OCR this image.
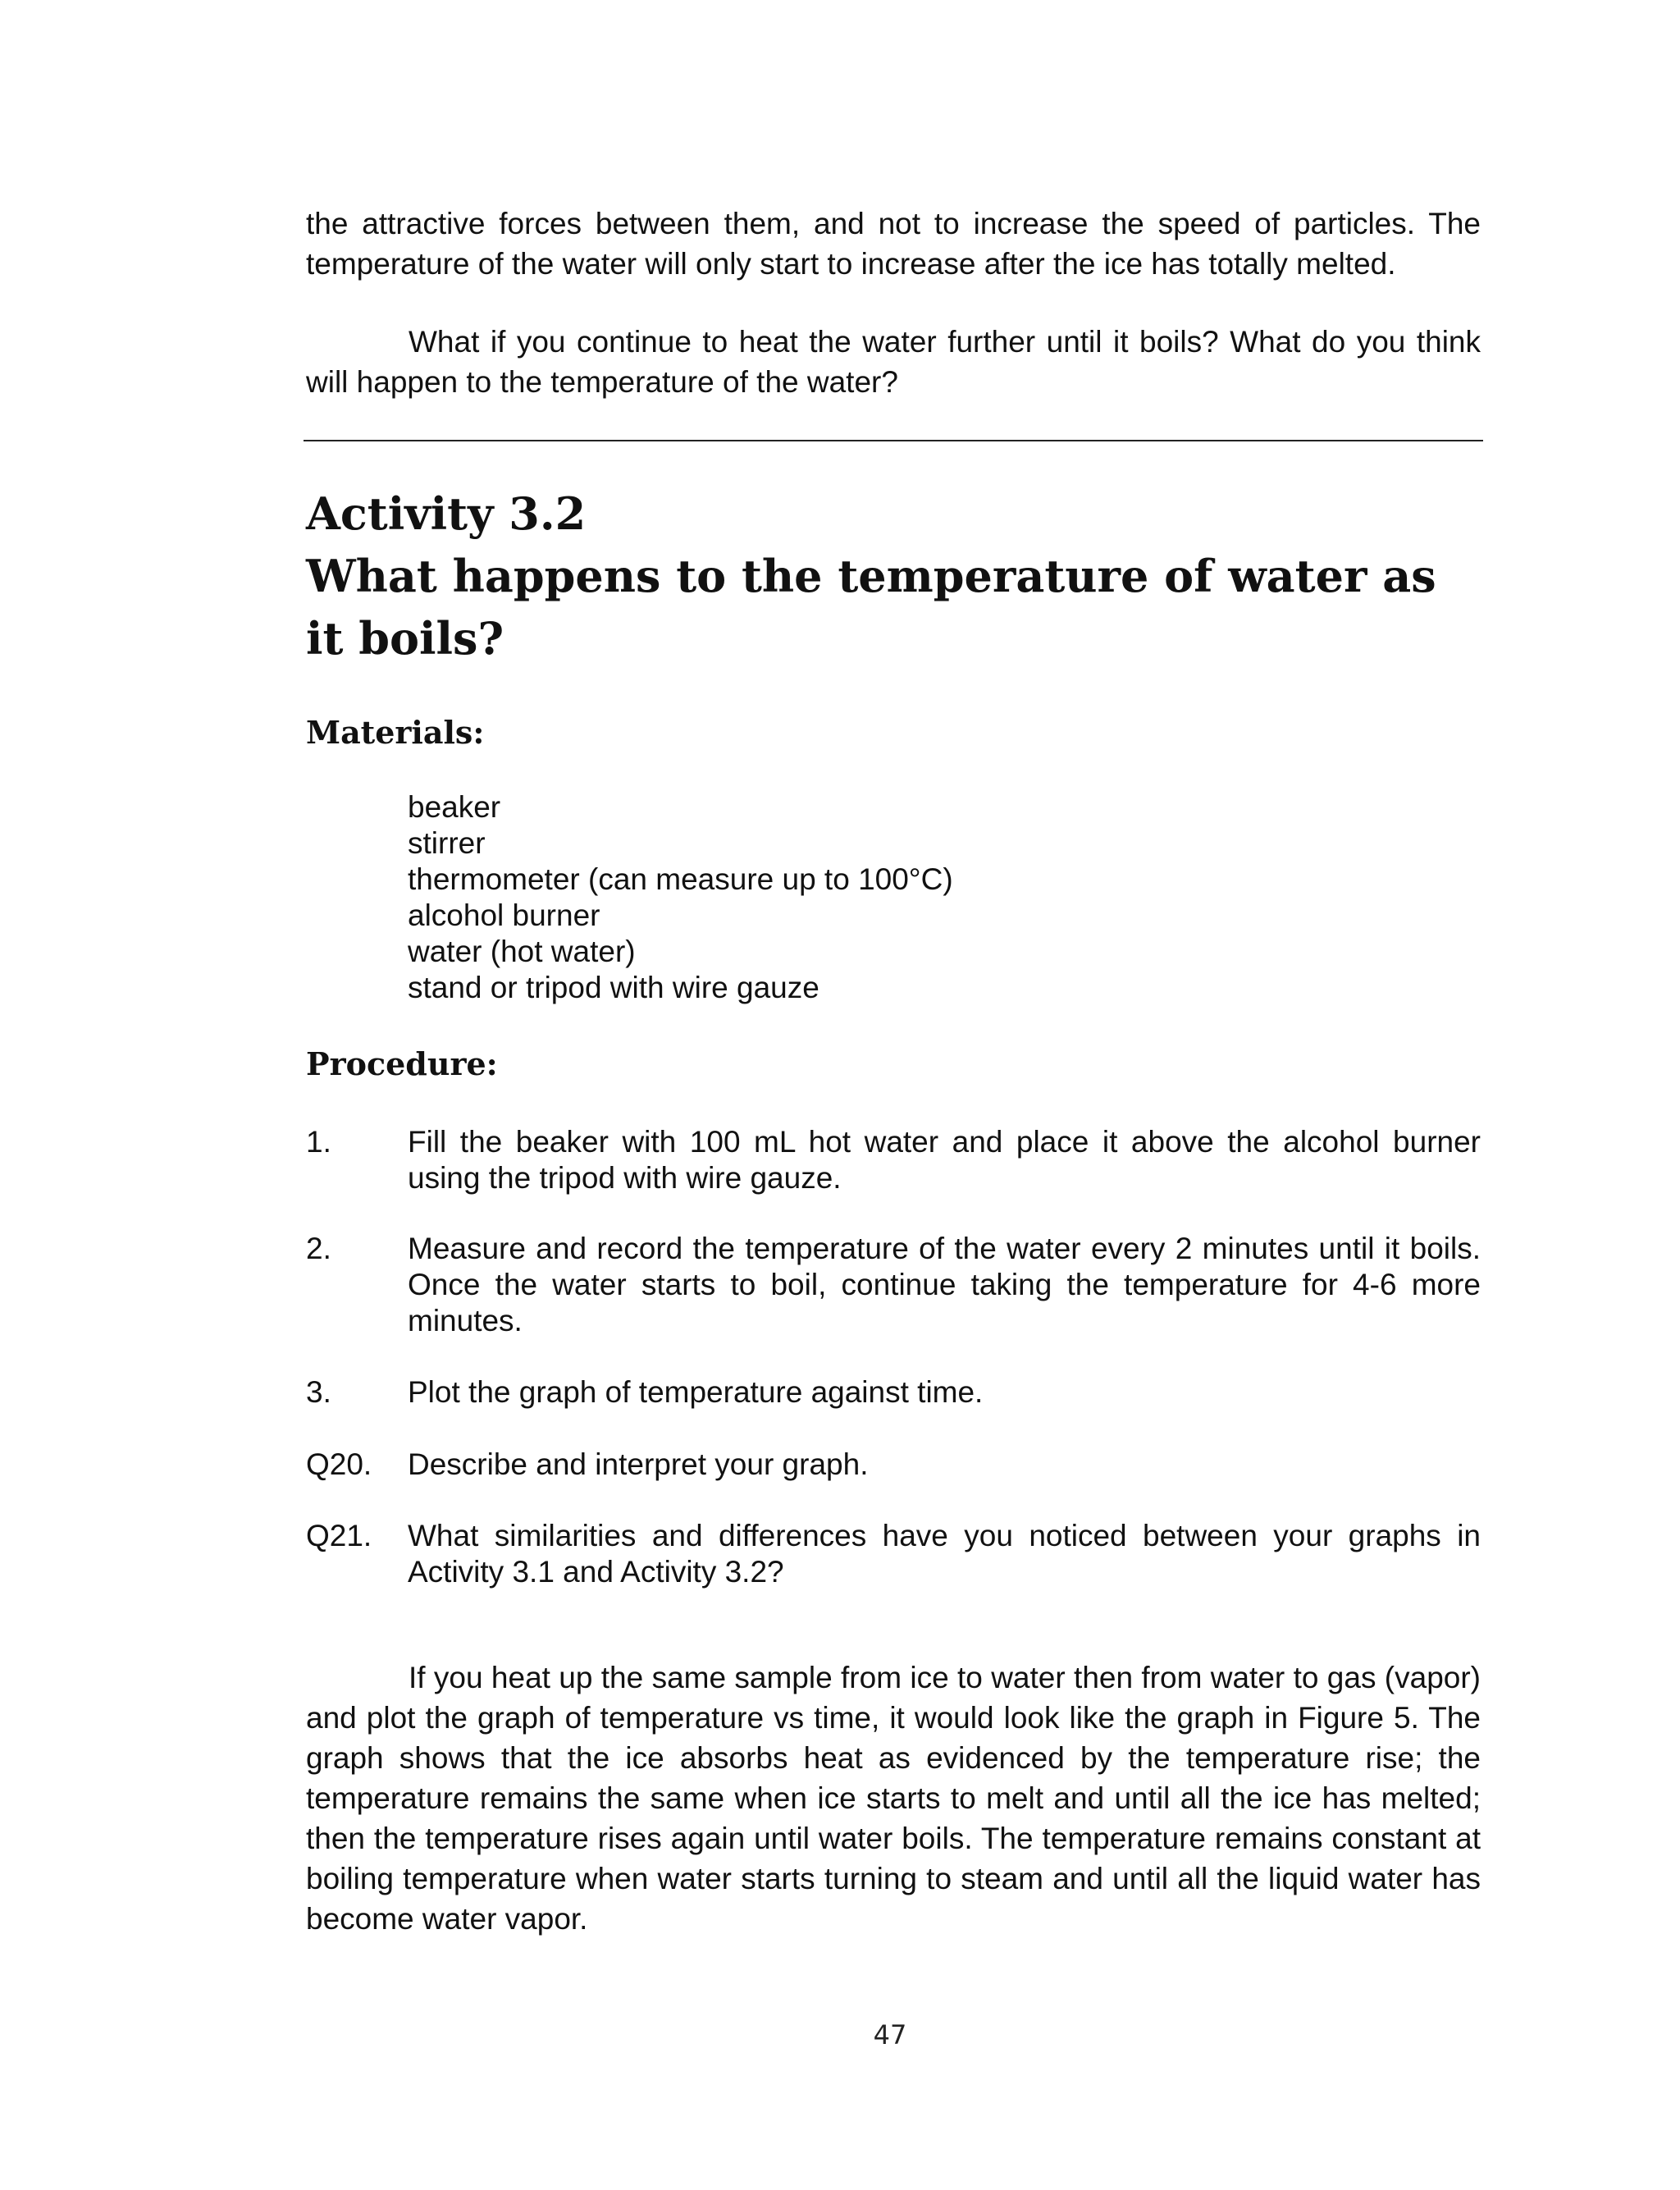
the attractive forces between them, and not to increase the speed of particles. The temperature of the water will only start to increase after the ice has totally melted.

What if you continue to heat the water further until it boils? What do you think will happen to the temperature of the water?

Activity 3.2
What happens to the temperature of water as it boils?
Materials:
beaker
stirrer
thermometer (can measure up to 100°C)
alcohol burner
water (hot water)
stand or tripod with wire gauze
Procedure:
1.	Fill the beaker with 100 mL hot water and place it above the alcohol burner using the tripod with wire gauze.
2.	Measure and record the temperature of the water every 2 minutes until it boils. Once the water starts to boil, continue taking the temperature for 4-6 more minutes.
3.	Plot the graph of temperature against time.
Q20. Describe and interpret your graph.
Q21. What similarities and differences have you noticed between your graphs in Activity 3.1 and Activity 3.2?

If you heat up the same sample from ice to water then from water to gas (vapor) and plot the graph of temperature vs time, it would look like the graph in Figure 5. The graph shows that the ice absorbs heat as evidenced by the temperature rise; the temperature remains the same when ice starts to melt and until all the ice has melted; then the temperature rises again until water boils. The temperature remains constant at boiling temperature when water starts turning to steam and until all the liquid water has become water vapor.

47
